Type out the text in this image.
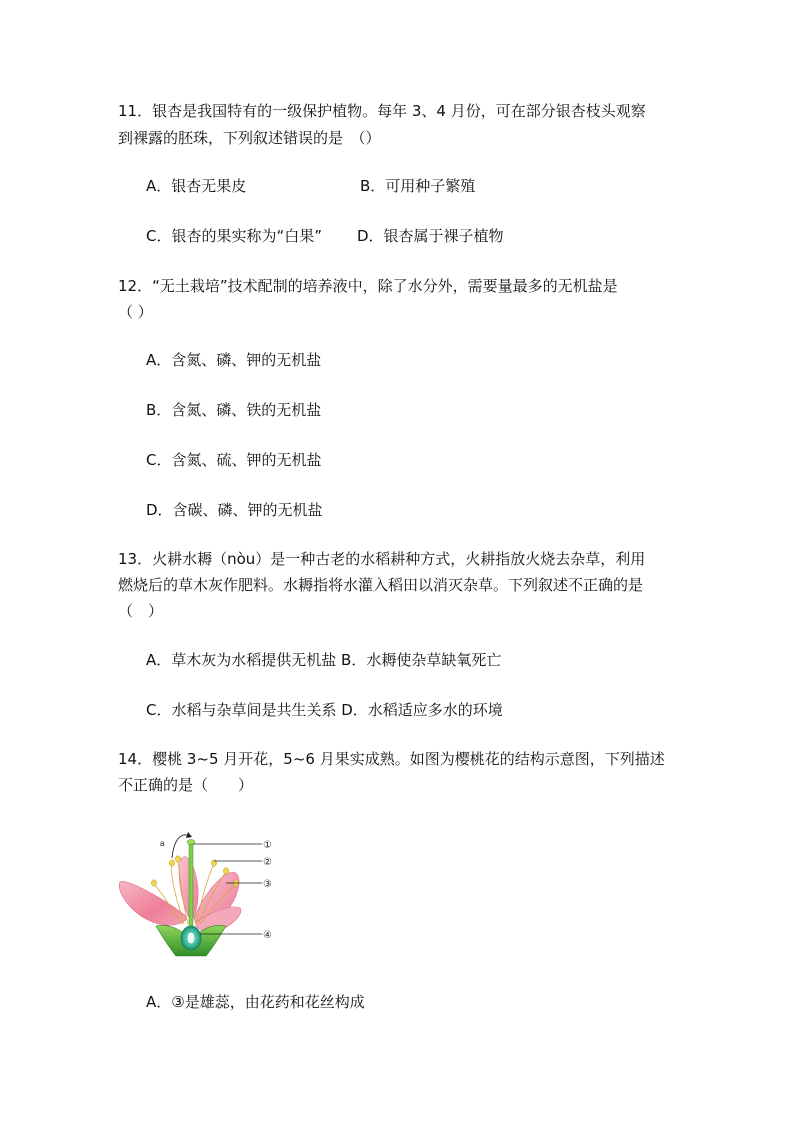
11．银杏是我国特有的一级保护植物。每年 3、4 月份，可在部分银杏枝头观察
到裸露的胚珠，下列叙述错误的是　（）
A．银杏无果皮	B．可用种子繁殖
C．银杏的果实称为“白果” D．银杏属于裸子植物
12．“无土栽培”技术配制的培养液中，除了水分外，需要量最多的无机盐是
（ ）
A．含氮、磷、钾的无机盐
B．含氮、磷、铁的无机盐
C．含氮、硫、钾的无机盐
D．含碳、磷、钾的无机盐
13．火耕水耨（nòu）是一种古老的水稻耕种方式，火耕指放火烧去杂草，利用
燃烧后的草木灰作肥料。水耨指将水灌入稻田以消灭杂草。下列叙述不正确的是
（　）
A．草木灰为水稻提供无机盐 B．水耨使杂草缺氧死亡
C．水稻与杂草间是共生关系 D．水稻适应多水的环境
14．樱桃 3~5 月开花，5~6 月果实成熟。如图为樱桃花的结构示意图，下列描述
不正确的是（　　）
a	①
②
③
④
A．③是雄蕊，由花药和花丝构成
